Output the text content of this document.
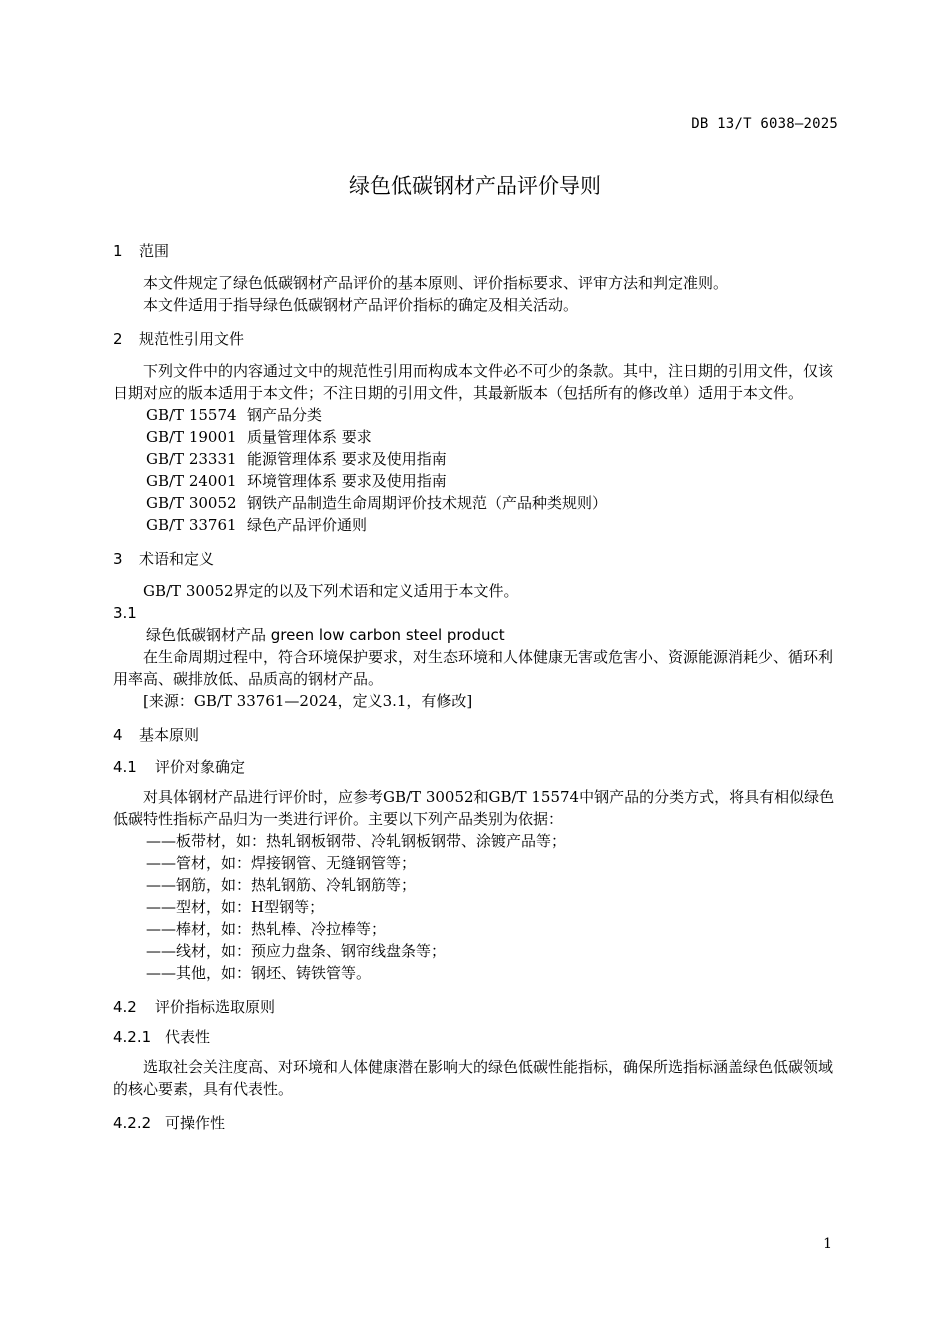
DB 13/T 6038—2025
绿色低碳钢材产品评价导则
1 范围

本文件规定了绿色低碳钢材产品评价的基本原则、评价指标要求、评审方法和判定准则。

本文件适用于指导绿色低碳钢材产品评价指标的确定及相关活动。

2 规范性引用文件

下列文件中的内容通过文中的规范性引用而构成本文件必不可少的条款。其中，注日期的引用文件，仅该日期对应的版本适用于本文件；不注日期的引用文件，其最新版本（包括所有的修改单）适用于本文件。

GB/T 15574 钢产品分类
GB/T 19001 质量管理体系 要求
GB/T 23331 能源管理体系 要求及使用指南
GB/T 24001 环境管理体系 要求及使用指南
GB/T 30052 钢铁产品制造生命周期评价技术规范（产品种类规则）
GB/T 33761 绿色产品评价通则
3 术语和定义

GB/T 30052界定的以及下列术语和定义适用于本文件。

3.1
绿色低碳钢材产品 green low carbon steel product

在生命周期过程中，符合环境保护要求，对生态环境和人体健康无害或危害小、资源能源消耗少、循环利用率高、碳排放低、品质高的钢材产品。

[来源：GB/T 33761—2024，定义3.1，有修改]

4 基本原则
4.1 评价对象确定

对具体钢材产品进行评价时，应参考GB/T 30052和GB/T 15574中钢产品的分类方式，将具有相似绿色低碳特性指标产品归为一类进行评价。主要以下列产品类别为依据：

——板带材，如：热轧钢板钢带、冷轧钢板钢带、涂镀产品等；
——管材，如：焊接钢管、无缝钢管等；
——钢筋，如：热轧钢筋、冷轧钢筋等；
——型材，如：H型钢等；
——棒材，如：热轧棒、冷拉棒等；
——线材，如：预应力盘条、钢帘线盘条等；
——其他，如：钢坯、铸铁管等。
4.2 评价指标选取原则
4.2.1 代表性

选取社会关注度高、对环境和人体健康潜在影响大的绿色低碳性能指标，确保所选指标涵盖绿色低碳领域的核心要素，具有代表性。

4.2.2 可操作性
1
